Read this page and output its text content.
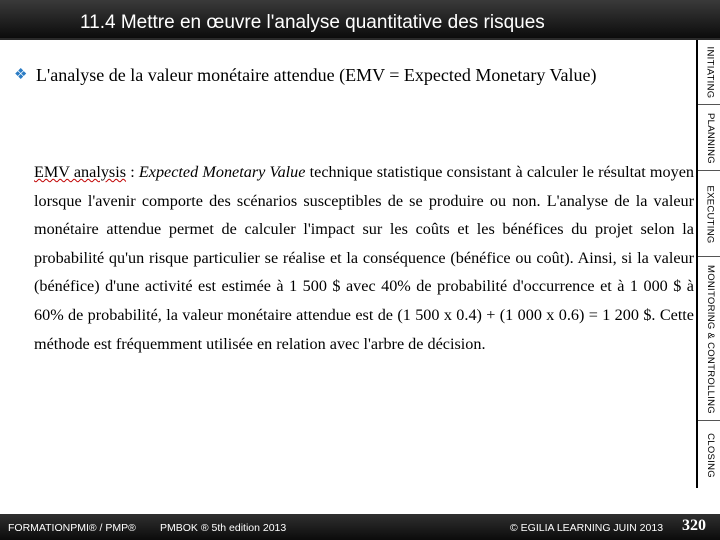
11.4 Mettre en œuvre l'analyse quantitative des risques
❖ L'analyse de la valeur monétaire attendue (EMV = Expected Monetary Value)
EMV analysis : Expected Monetary Value technique statistique consistant à calculer le résultat moyen lorsque l'avenir comporte des scénarios susceptibles de se produire ou non. L'analyse de la valeur monétaire attendue permet de calculer l'impact sur les coûts et les bénéfices du projet selon la probabilité qu'un risque particulier se réalise et la conséquence (bénéfice ou coût). Ainsi, si la valeur (bénéfice) d'une activité est estimée à 1 500 $ avec 40% de probabilité d'occurrence et à 1 000 $ à 60% de probabilité, la valeur monétaire attendue est de (1 500 x 0.4) + (1 000 x 0.6) = 1 200 $. Cette méthode est fréquemment utilisée en relation avec l'arbre de décision.
INITIATING
PLANNING
EXECUTING
MONITORING & CONTROLLING
CLOSING
FORMATIONPMI® / PMP® PMBOK ® 5th edition 2013	© EGILIA LEARNING JUIN 2013 320
